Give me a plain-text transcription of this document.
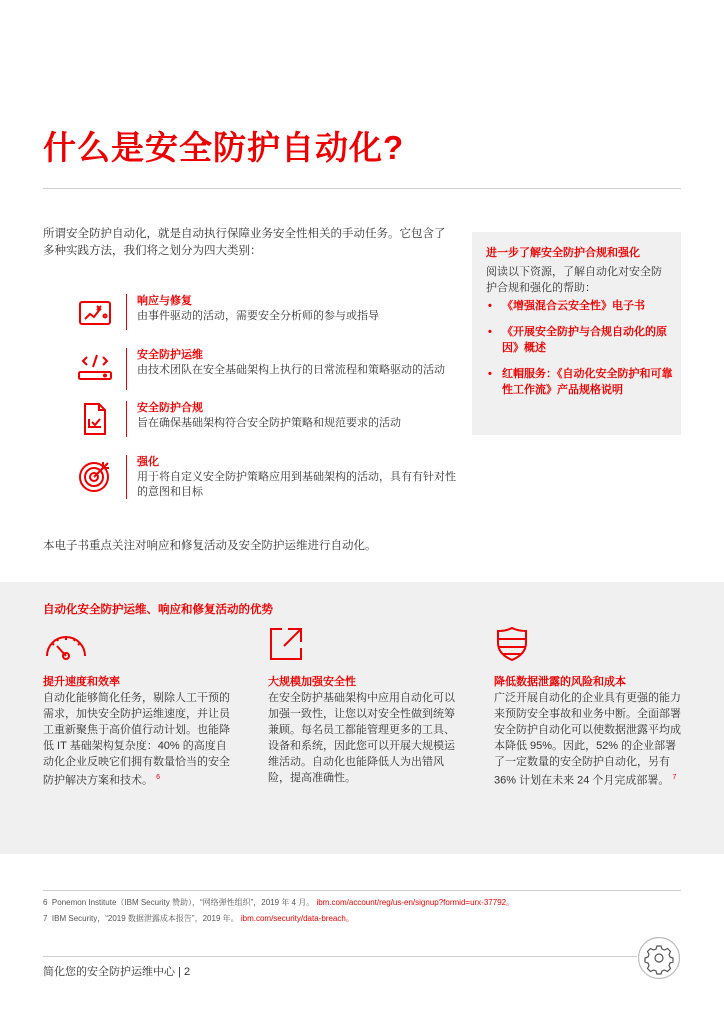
什么是安全防护自动化?
所谓安全防护自动化，就是自动执行保障业务安全性相关的手动任务。它包含了多种实践方法，我们将之划分为四大类别：
响应与修复
由事件驱动的活动，需要安全分析师的参与或指导
安全防护运维
由技术团队在安全基础架构上执行的日常流程和策略驱动的活动
安全防护合规
旨在确保基础架构符合安全防护策略和规范要求的活动
强化
用于将自定义安全防护策略应用到基础架构的活动，具有有针对性的意图和目标
进一步了解安全防护合规和强化
阅读以下资源，了解自动化对安全防护合规和强化的帮助：
• 《增强混合云安全性》电子书
• 《开展安全防护与合规自动化的原因》概述
• 红帽服务：《自动化安全防护和可靠性工作流》产品规格说明
本电子书重点关注对响应和修复活动及安全防护运维进行自动化。
自动化安全防护运维、响应和修复活动的优势
提升速度和效率
自动化能够简化任务，剔除人工干预的需求，加快安全防护运维速度，并让员工重新聚焦于高价值行动计划。也能降低 IT 基础架构复杂度：40% 的高度自动化企业反映它们拥有数量恰当的安全防护解决方案和技术。 $^6$
大规模加强安全性
在安全防护基础架构中应用自动化可以加强一致性，让您以对安全性做到统筹兼顾。每名员工都能管理更多的工具、设备和系统，因此您可以开展大规模运维活动。自动化也能降低人为出错风险，提高准确性。
降低数据泄露的风险和成本
广泛开展自动化的企业具有更强的能力来预防安全事故和业务中断。全面部署安全防护自动化可以使数据泄露平均成本降低 95%。因此，52% 的企业部署了一定数量的安全防护自动化，另有 36% 计划在未来 24 个月完成部署。 $^7$
6 Ponemon Institute（IBM Security 赞助），“网络弹性组织”，2019 年 4 月。 ibm.com/account/reg/us-en/signup?formid=urx-37792。
7 IBM Security，“2019 数据泄露成本报告”，2019 年。 ibm.com/security/data-breach。
简化您的安全防护运维中心 | 2
